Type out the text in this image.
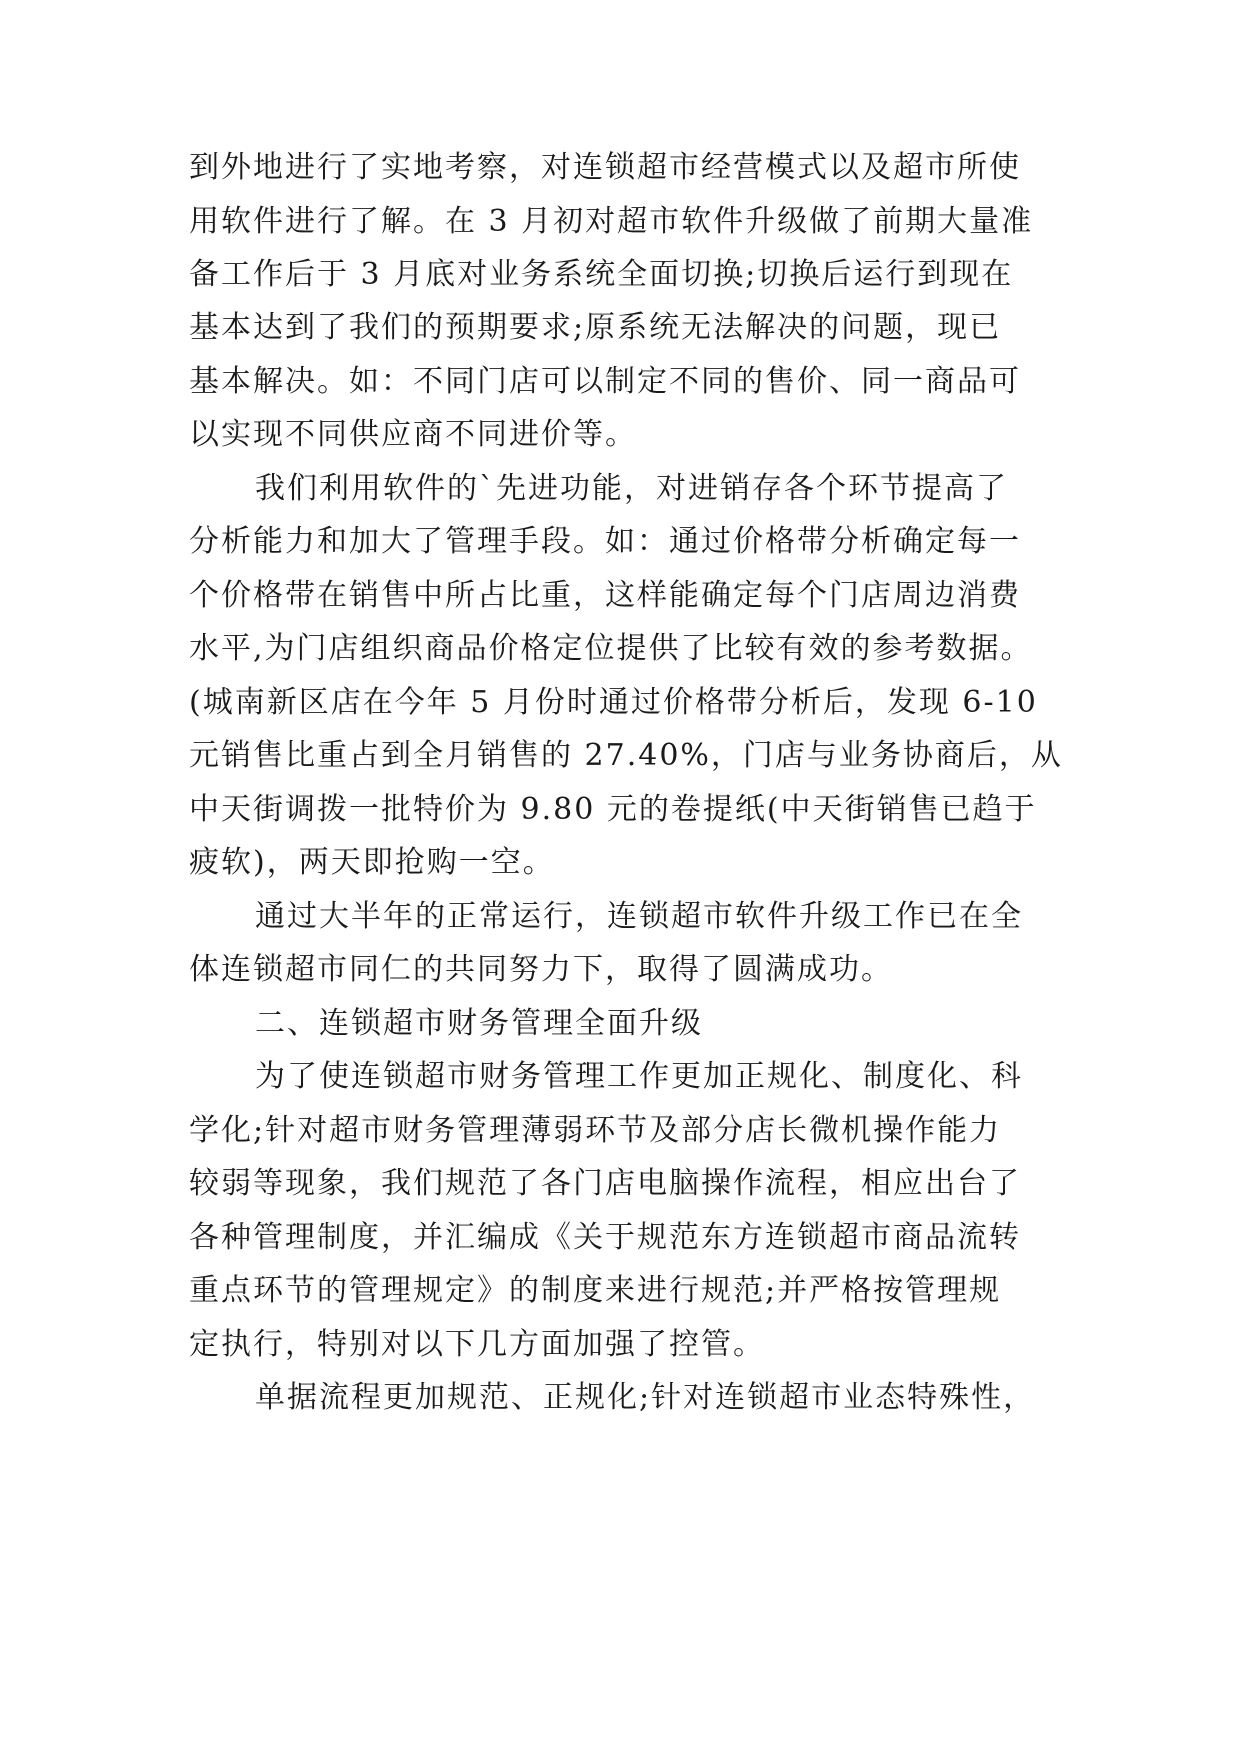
到外地进行了实地考察，对连锁超市经营模式以及超市所使

用软件进行了解。在 3 月初对超市软件升级做了前期大量准

备工作后于 3 月底对业务系统全面切换;切换后运行到现在

基本达到了我们的预期要求;原系统无法解决的问题，现已

基本解决。如：不同门店可以制定不同的售价、同一商品可

以实现不同供应商不同进价等。

我们利用软件的`先进功能，对进销存各个环节提高了

分析能力和加大了管理手段。如：通过价格带分析确定每一

个价格带在销售中所占比重，这样能确定每个门店周边消费

水平,为门店组织商品价格定位提供了比较有效的参考数据。

(城南新区店在今年 5 月份时通过价格带分析后，发现 6-10

元销售比重占到全月销售的 27.40%，门店与业务协商后，从

中天街调拨一批特价为 9.80 元的卷提纸(中天街销售已趋于

疲软)，两天即抢购一空。

通过大半年的正常运行，连锁超市软件升级工作已在全

体连锁超市同仁的共同努力下，取得了圆满成功。

二、连锁超市财务管理全面升级

为了使连锁超市财务管理工作更加正规化、制度化、科

学化;针对超市财务管理薄弱环节及部分店长微机操作能力

较弱等现象，我们规范了各门店电脑操作流程，相应出台了

各种管理制度，并汇编成《关于规范东方连锁超市商品流转

重点环节的管理规定》的制度来进行规范;并严格按管理规

定执行，特别对以下几方面加强了控管。

单据流程更加规范、正规化;针对连锁超市业态特殊性，
